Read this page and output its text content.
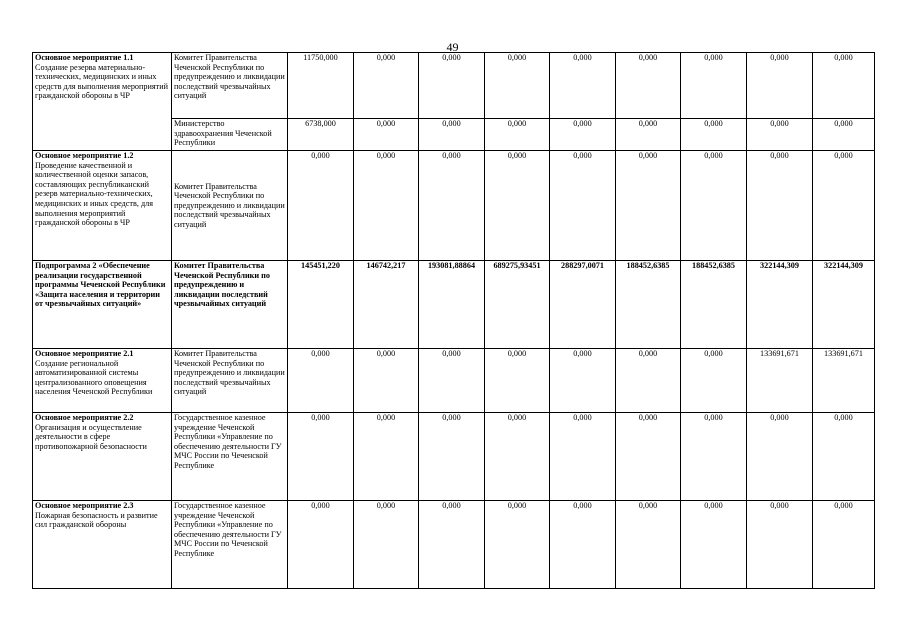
49
Основное мероприятие 1.1
Создание резерва материально-технических, медицинских и иных средств для выполнения мероприятий гражданской обороны в ЧР	Комитет Правительства Чеченской Республики по предупреждению и ликвидации последствий чрезвычайных ситуаций	11750,000	0,000	0,000	0,000	0,000	0,000	0,000	0,000	0,000
	Министерство здравоохранения Чеченской Республики	6738,000	0,000	0,000	0,000	0,000	0,000	0,000	0,000	0,000

Основное мероприятие 1.2
Проведение качественной и количественной оценки запасов, составляющих республиканский резерв материально-технических, медицинских и иных средств, для выполнения мероприятий гражданской обороны в ЧР	Комитет Правительства Чеченской Республики по предупреждению и ликвидации последствий чрезвычайных ситуаций	0,000	0,000	0,000	0,000	0,000	0,000	0,000	0,000	0,000

Подпрограмма 2 «Обеспечение реализации государственной программы Чеченской Республики «Защита населения и территории от чрезвычайных ситуаций»	Комитет Правительства Чеченской Республики по предупреждению и ликвидации последствий чрезвычайных ситуаций	145451,220	146742,217	193081,88864	689275,93451	288297,0071	188452,6385	188452,6385	322144,309	322144,309

Основное мероприятие 2.1
Создание региональной автоматизированной системы централизованного оповещения населения Чеченской Республики	Комитет Правительства Чеченской Республики по предупреждению и ликвидации последствий чрезвычайных ситуаций	0,000	0,000	0,000	0,000	0,000	0,000	0,000	133691,671	133691,671

Основное мероприятие 2.2
Организация и осуществление деятельности в сфере противопожарной безопасности	Государственное казенное учреждение Чеченской Республики «Управление по обеспечению деятельности ГУ МЧС России по Чеченской Республике	0,000	0,000	0,000	0,000	0,000	0,000	0,000	0,000	0,000

Основное мероприятие 2.3
Пожарная безопасность и развитие сил гражданской обороны	Государственное казенное учреждение Чеченской Республики «Управление по обеспечению деятельности ГУ МЧС России по Чеченской Республике	0,000	0,000	0,000	0,000	0,000	0,000	0,000	0,000	0,000
